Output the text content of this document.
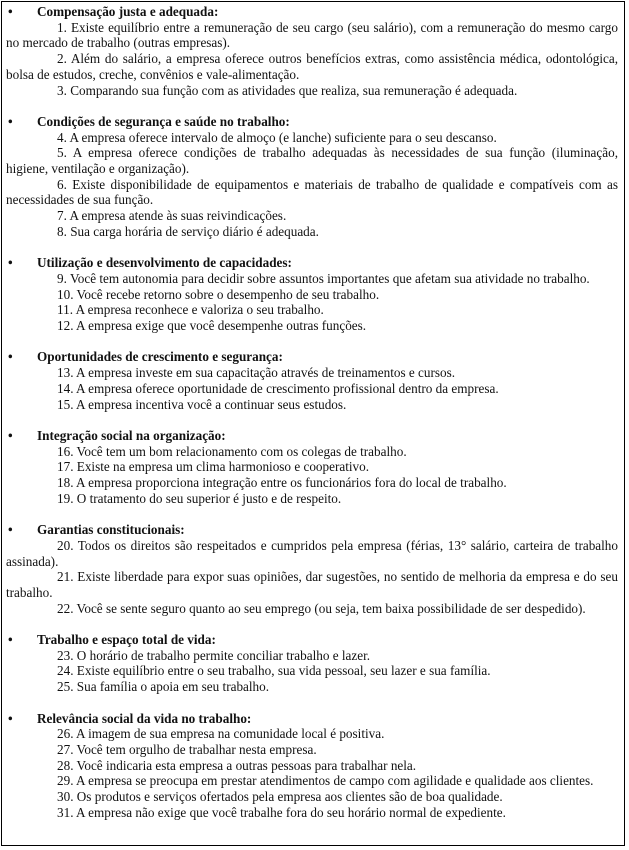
• Compensação justa e adequada:
1. Existe equilíbrio entre a remuneração de seu cargo (seu salário), com a remuneração do mesmo cargo no mercado de trabalho (outras empresas).
2. Além do salário, a empresa oferece outros benefícios extras, como assistência médica, odontológica, bolsa de estudos, creche, convênios e vale-alimentação.
3. Comparando sua função com as atividades que realiza, sua remuneração é adequada.
• Condições de segurança e saúde no trabalho:
4. A empresa oferece intervalo de almoço (e lanche) suficiente para o seu descanso.
5. A empresa oferece condições de trabalho adequadas às necessidades de sua função (iluminação, higiene, ventilação e organização).
6. Existe disponibilidade de equipamentos e materiais de trabalho de qualidade e compatíveis com as necessidades de sua função.
7. A empresa atende às suas reivindicações.
8. Sua carga horária de serviço diário é adequada.
• Utilização e desenvolvimento de capacidades:
9. Você tem autonomia para decidir sobre assuntos importantes que afetam sua atividade no trabalho.
10. Você recebe retorno sobre o desempenho de seu trabalho.
11. A empresa reconhece e valoriza o seu trabalho.
12. A empresa exige que você desempenhe outras funções.
• Oportunidades de crescimento e segurança:
13. A empresa investe em sua capacitação através de treinamentos e cursos.
14. A empresa oferece oportunidade de crescimento profissional dentro da empresa.
15. A empresa incentiva você a continuar seus estudos.
• Integração social na organização:
16. Você tem um bom relacionamento com os colegas de trabalho.
17. Existe na empresa um clima harmonioso e cooperativo.
18. A empresa proporciona integração entre os funcionários fora do local de trabalho.
19. O tratamento do seu superior é justo e de respeito.
• Garantias constitucionais:
20. Todos os direitos são respeitados e cumpridos pela empresa (férias, 13° salário, carteira de trabalho assinada).
21. Existe liberdade para expor suas opiniões, dar sugestões, no sentido de melhoria da empresa e do seu trabalho.
22. Você se sente seguro quanto ao seu emprego (ou seja, tem baixa possibilidade de ser despedido).
• Trabalho e espaço total de vida:
23. O horário de trabalho permite conciliar trabalho e lazer.
24. Existe equilíbrio entre o seu trabalho, sua vida pessoal, seu lazer e sua família.
25. Sua família o apoia em seu trabalho.
• Relevância social da vida no trabalho:
26. A imagem de sua empresa na comunidade local é positiva.
27. Você tem orgulho de trabalhar nesta empresa.
28. Você indicaria esta empresa a outras pessoas para trabalhar nela.
29. A empresa se preocupa em prestar atendimentos de campo com agilidade e qualidade aos clientes.
30. Os produtos e serviços ofertados pela empresa aos clientes são de boa qualidade.
31. A empresa não exige que você trabalhe fora do seu horário normal de expediente.
